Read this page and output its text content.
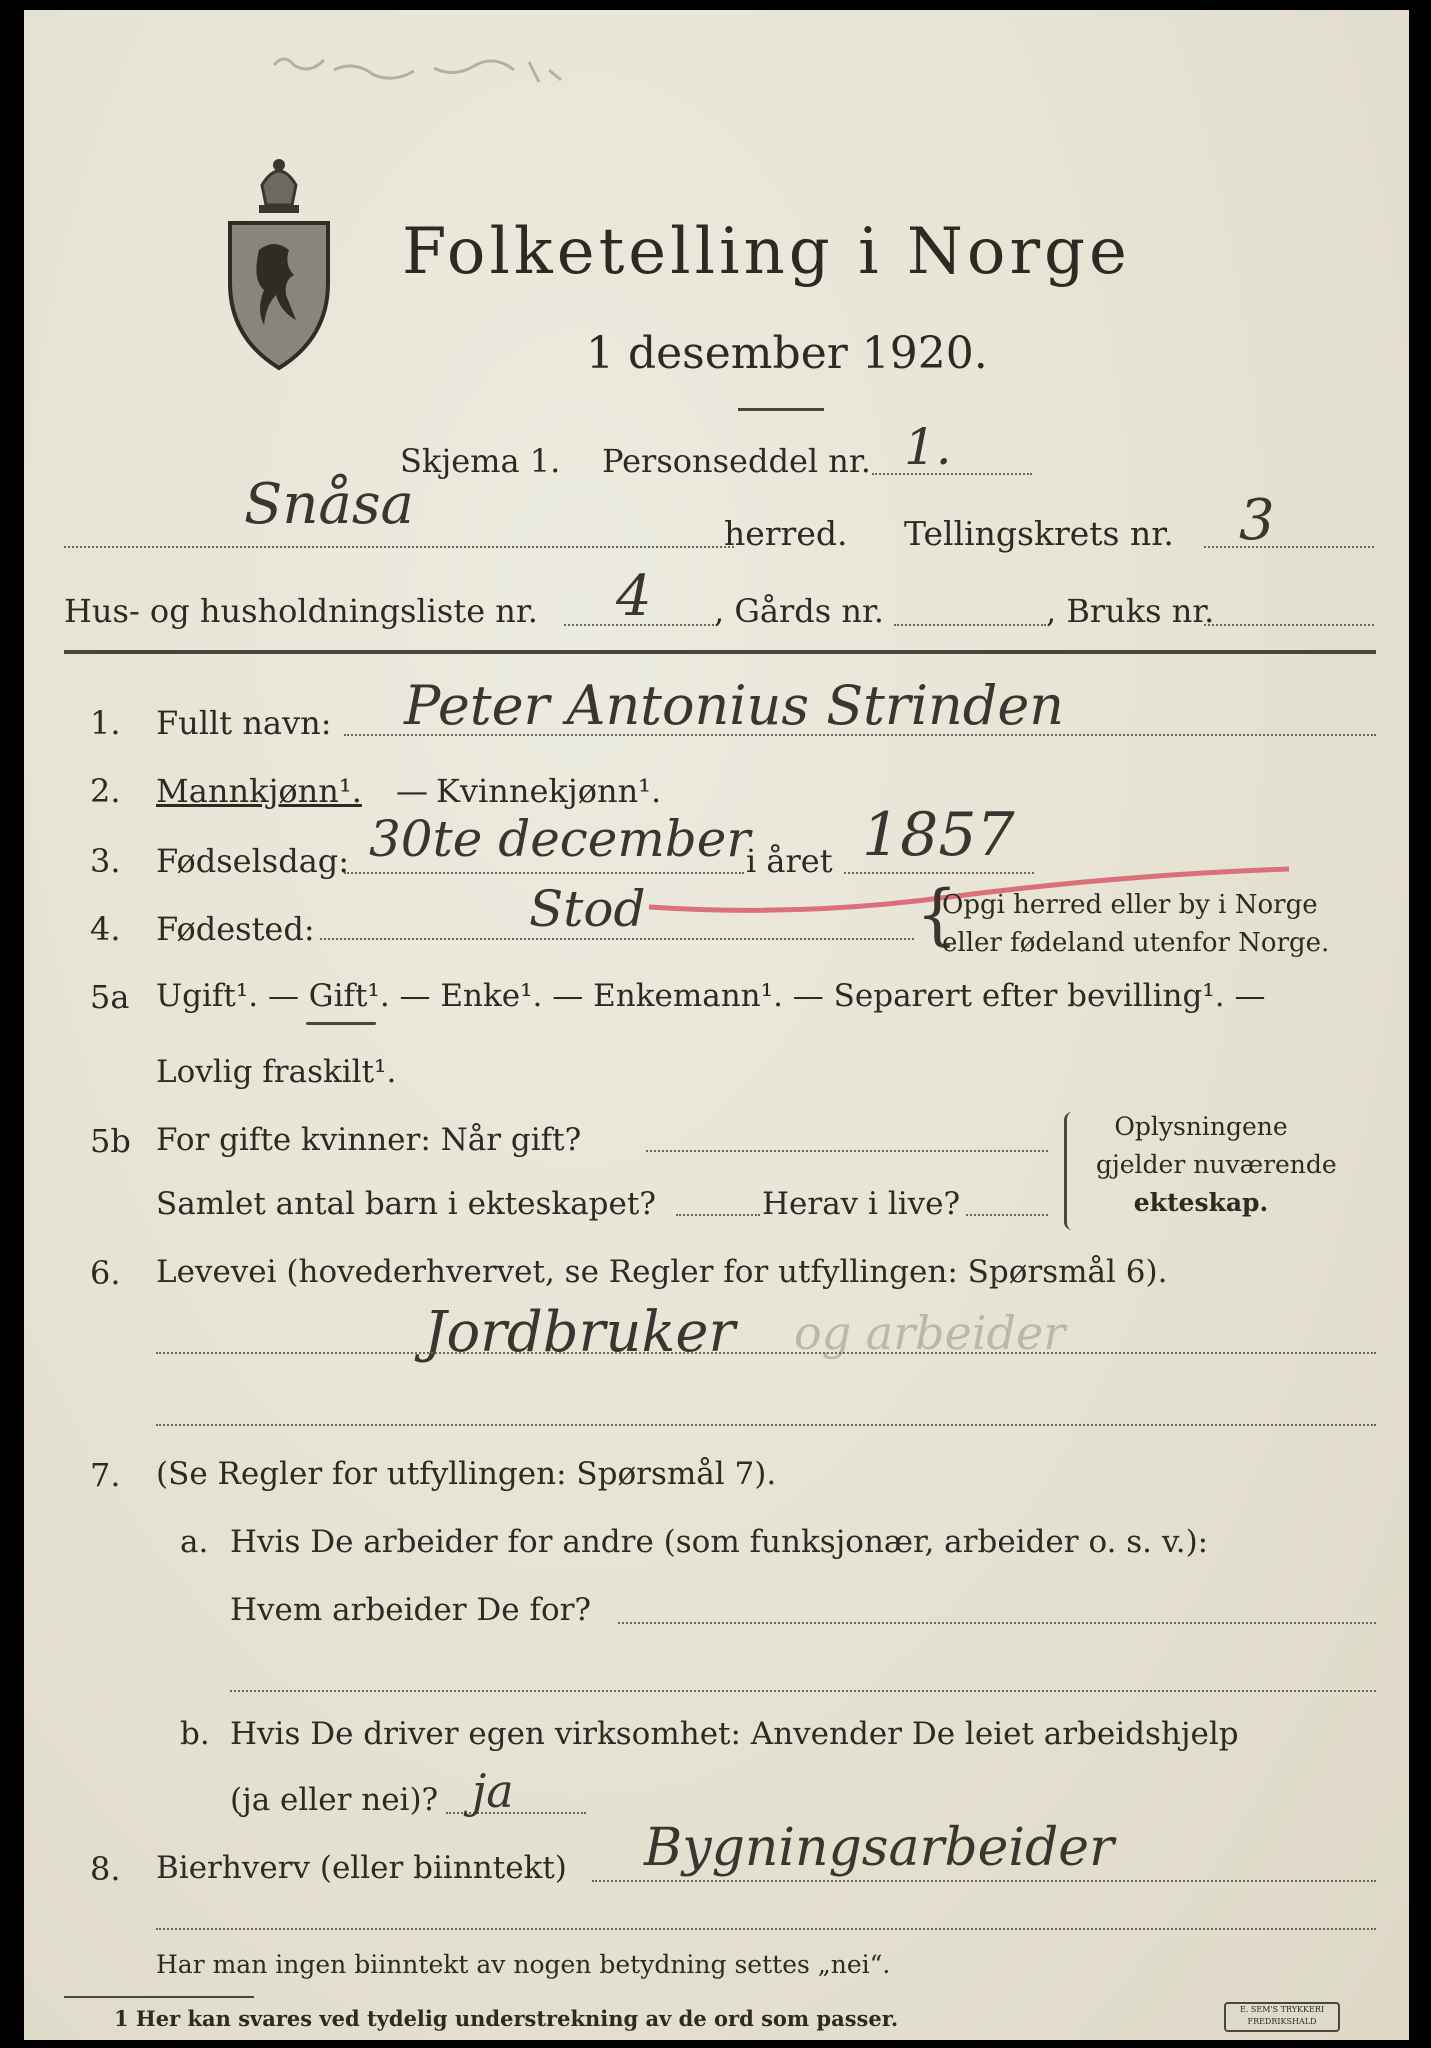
Folketelling i Norge
1 desember 1920.
Skjema 1. Personseddel nr. 1.
Snåsa	herred. Tellingskrets nr. 3
Hus- og husholdningsliste nr. 4 , Gårds nr.	, Bruks nr.
1. Fullt navn: Peter Antonius Strinden
2. Mannkjønn¹. — Kvinnekjønn¹.
3. Fødselsdag: 30te december
i året 1857
4. Fødested:	Stod	{
Opgi herred eller by i Norge
eller fødeland utenfor Norge.
5a Ugift¹. — Gift¹. — Enke¹. — Enkemann¹. — Separert efter bevilling¹. —
Lovlig fraskilt¹.
5b For gifte kvinner: Når gift?
Samlet antal barn i ekteskapet?	Herav i live?
Oplysningene
gjelder nuværende
ekteskap.
6. Levevei (hovederhvervet, se Regler for utfyllingen: Spørsmål 6).
Jordbruker og arbeider
7. (Se Regler for utfyllingen: Spørsmål 7).
a. Hvis De arbeider for andre (som funksjonær, arbeider o. s. v.):
Hvem arbeider De for?
b. Hvis De driver egen virksomhet: Anvender De leiet arbeidshjelp
(ja eller nei)? ja
8. Bierhverv (eller biinntekt) Bygningsarbeider
Har man ingen biinntekt av nogen betydning settes „nei“.
1 Her kan svares ved tydelig understrekning av de ord som passer.	E. SEM'S TRYKKERI FREDRIKSHALD
